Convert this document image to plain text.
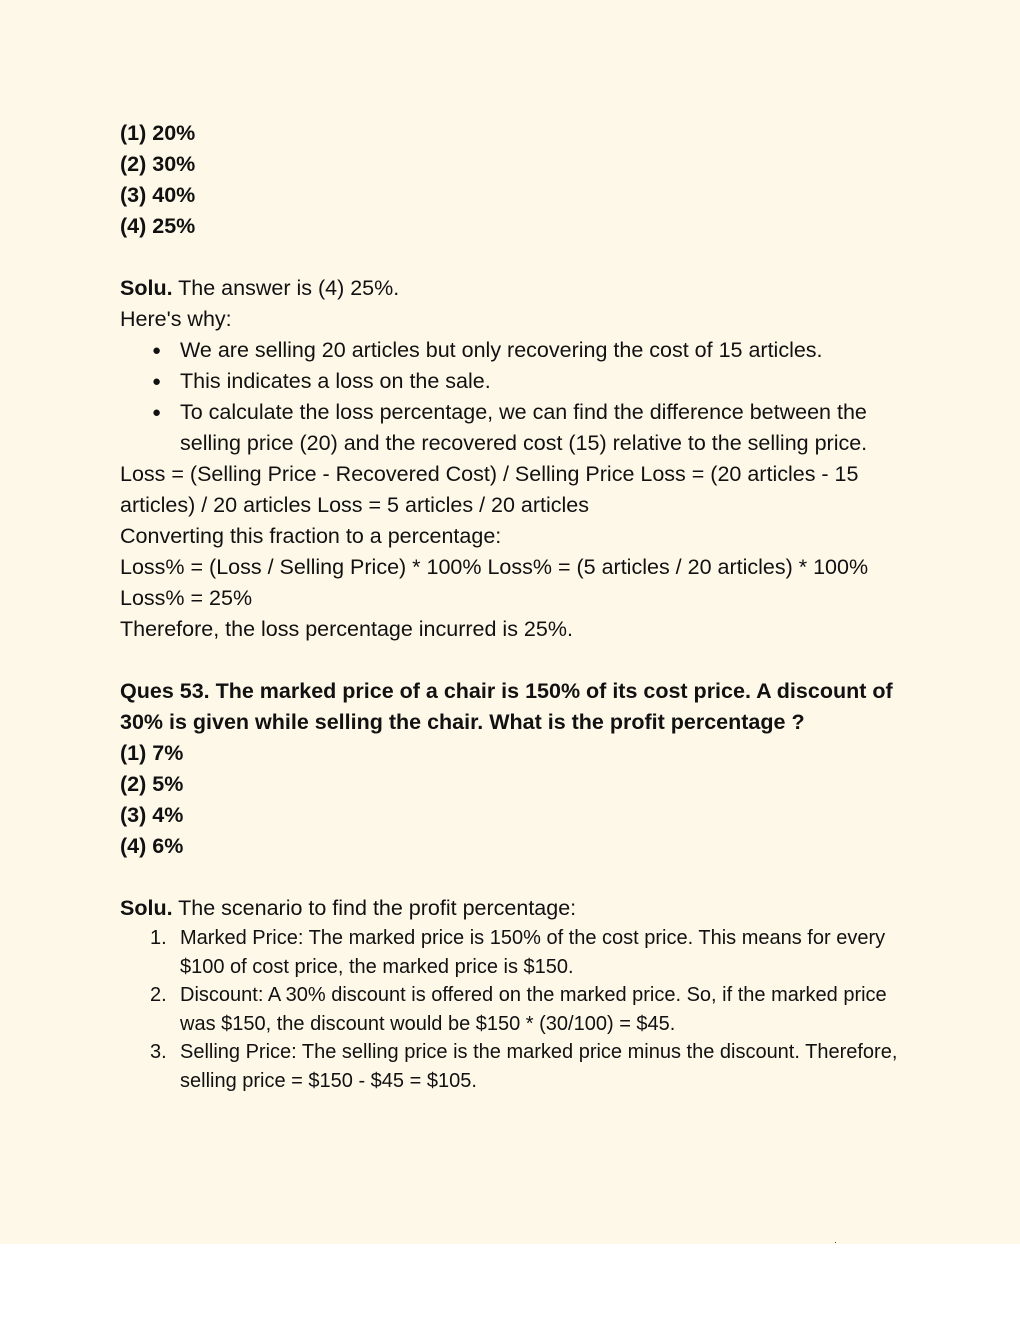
(1) 20%

(2) 30%

(3) 40%

(4) 25%

Solu. The answer is (4) 25%.

Here's why:

● We are selling 20 articles but only recovering the cost of 15 articles.
● This indicates a loss on the sale.
● To calculate the loss percentage, we can find the difference between the selling price (20) and the recovered cost (15) relative to the selling price.

Loss = (Selling Price - Recovered Cost) / Selling Price Loss = (20 articles - 15 articles) / 20 articles Loss = 5 articles / 20 articles

Converting this fraction to a percentage:

Loss% = (Loss / Selling Price) * 100% Loss% = (5 articles / 20 articles) * 100% Loss% = 25%

Therefore, the loss percentage incurred is 25%.

Ques 53. The marked price of a chair is 150% of its cost price. A discount of 30% is given while selling the chair. What is the profit percentage ?

(1) 7%

(2) 5%

(3) 4%

(4) 6%

Solu. The scenario to find the profit percentage:

1. Marked Price: The marked price is 150% of the cost price. This means for every $100 of cost price, the marked price is $150.
2. Discount: A 30% discount is offered on the marked price. So, if the marked price was $150, the discount would be $150 * (30/100) = $45.
3. Selling Price: The selling price is the marked price minus the discount. Therefore, selling price = $150 - $45 = $105.
